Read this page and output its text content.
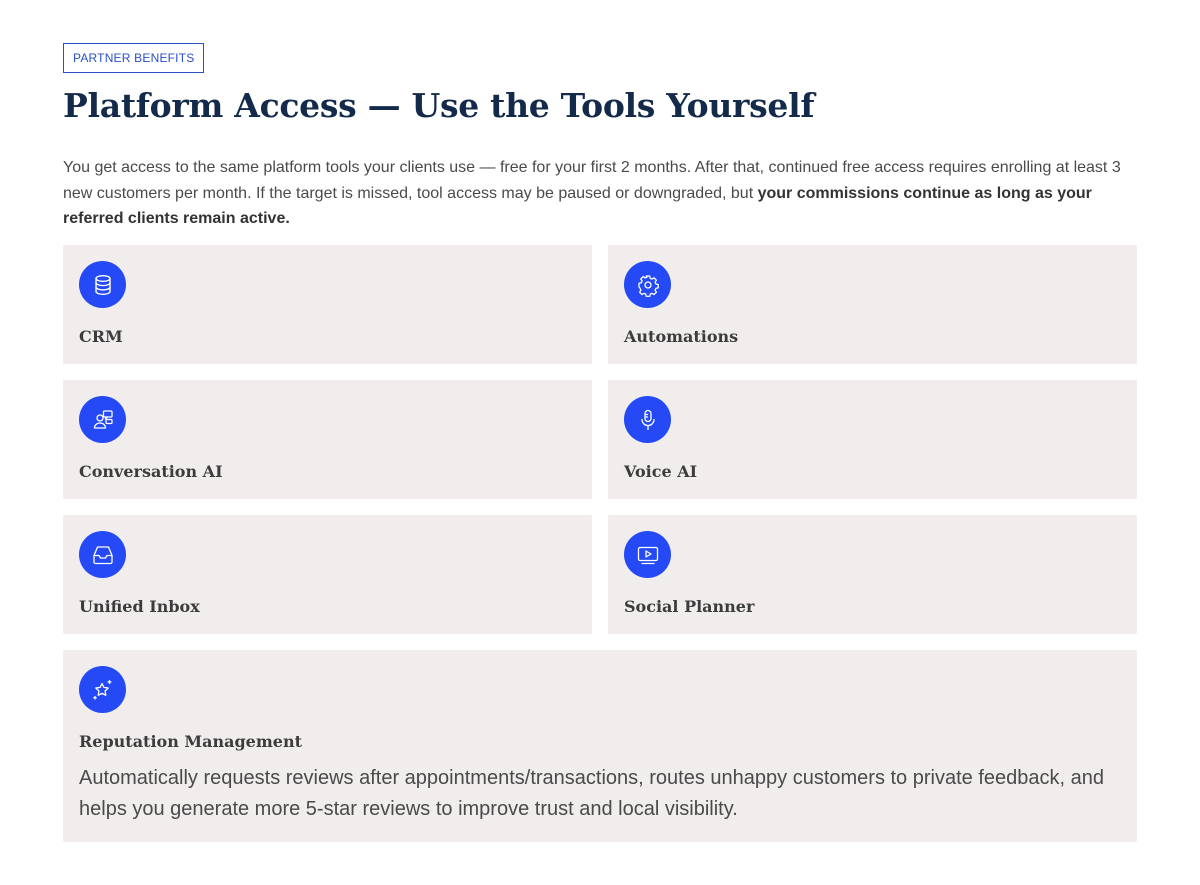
PARTNER BENEFITS
Platform Access — Use the Tools Yourself

You get access to the same platform tools your clients use — free for your first 2 months. After that, continued free access requires enrolling at least 3 new customers per month. If the target is missed, tool access may be paused or downgraded, but your commissions continue as long as your referred clients remain active.

CRM	Automations
Conversation AI	Voice AI
Unified Inbox	Social Planner
Reputation Management
Automatically requests reviews after appointments/transactions, routes unhappy customers to private feedback, and helps you generate more 5-star reviews to improve trust and local visibility.
